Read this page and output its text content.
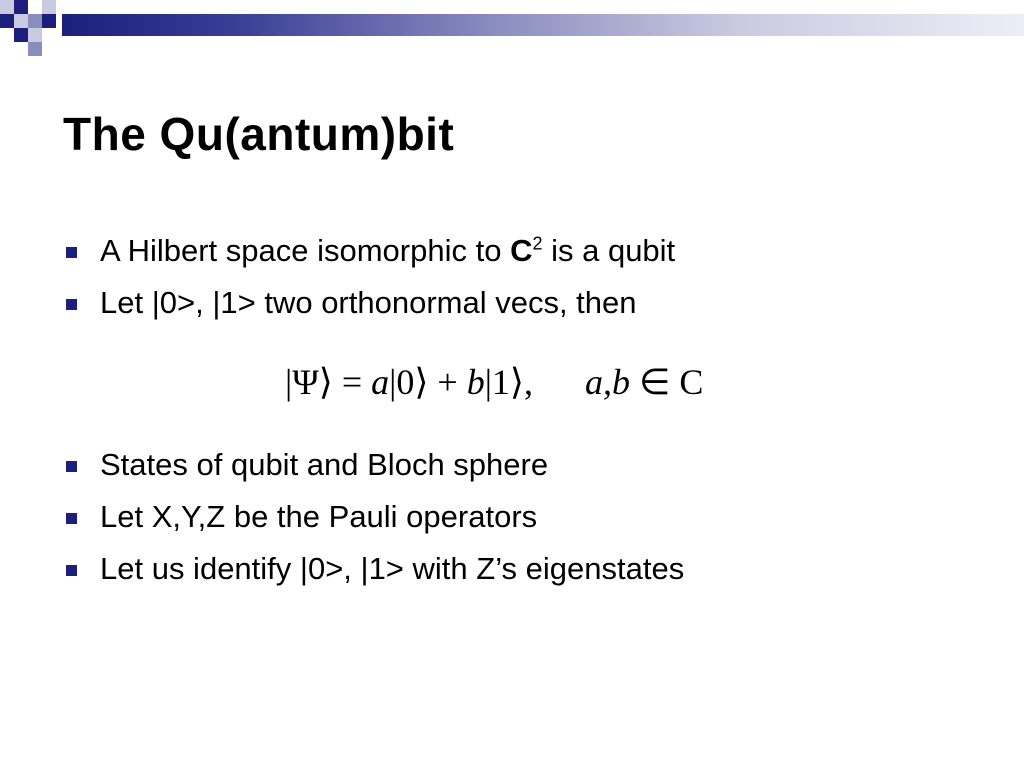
The Qu(antum)bit
A Hilbert space isomorphic to $C^2$ is a qubit
Let |0>, |1> two orthonormal vecs, then
|Ψ⟩ = a|0⟩ + b|1⟩, a,b ∈ C
States of qubit and Bloch sphere
Let X,Y,Z be the Pauli operators
Let us identify |0>, |1> with Z’s eigenstates
